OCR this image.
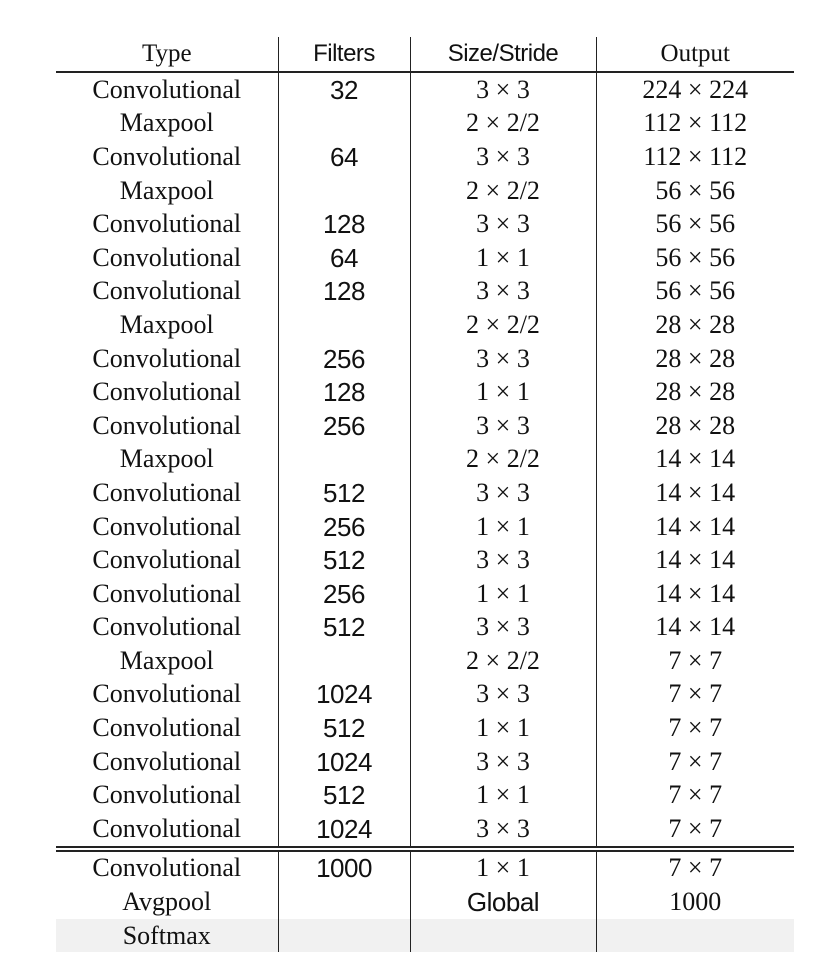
Type	Filters	Size/Stride	Output
Convolutional	32	3 × 3	224 × 224
Maxpool		2 × 2/2	112 × 112
Convolutional	64	3 × 3	112 × 112
Maxpool		2 × 2/2	56 × 56
Convolutional	128	3 × 3	56 × 56
Convolutional	64	1 × 1	56 × 56
Convolutional	128	3 × 3	56 × 56
Maxpool		2 × 2/2	28 × 28
Convolutional	256	3 × 3	28 × 28
Convolutional	128	1 × 1	28 × 28
Convolutional	256	3 × 3	28 × 28
Maxpool		2 × 2/2	14 × 14
Convolutional	512	3 × 3	14 × 14
Convolutional	256	1 × 1	14 × 14
Convolutional	512	3 × 3	14 × 14
Convolutional	256	1 × 1	14 × 14
Convolutional	512	3 × 3	14 × 14
Maxpool		2 × 2/2	7 × 7
Convolutional	1024	3 × 3	7 × 7
Convolutional	512	1 × 1	7 × 7
Convolutional	1024	3 × 3	7 × 7
Convolutional	512	1 × 1	7 × 7
Convolutional	1024	3 × 3	7 × 7
Convolutional	1000	1 × 1	7 × 7
Avgpool		Global	1000
Softmax			
